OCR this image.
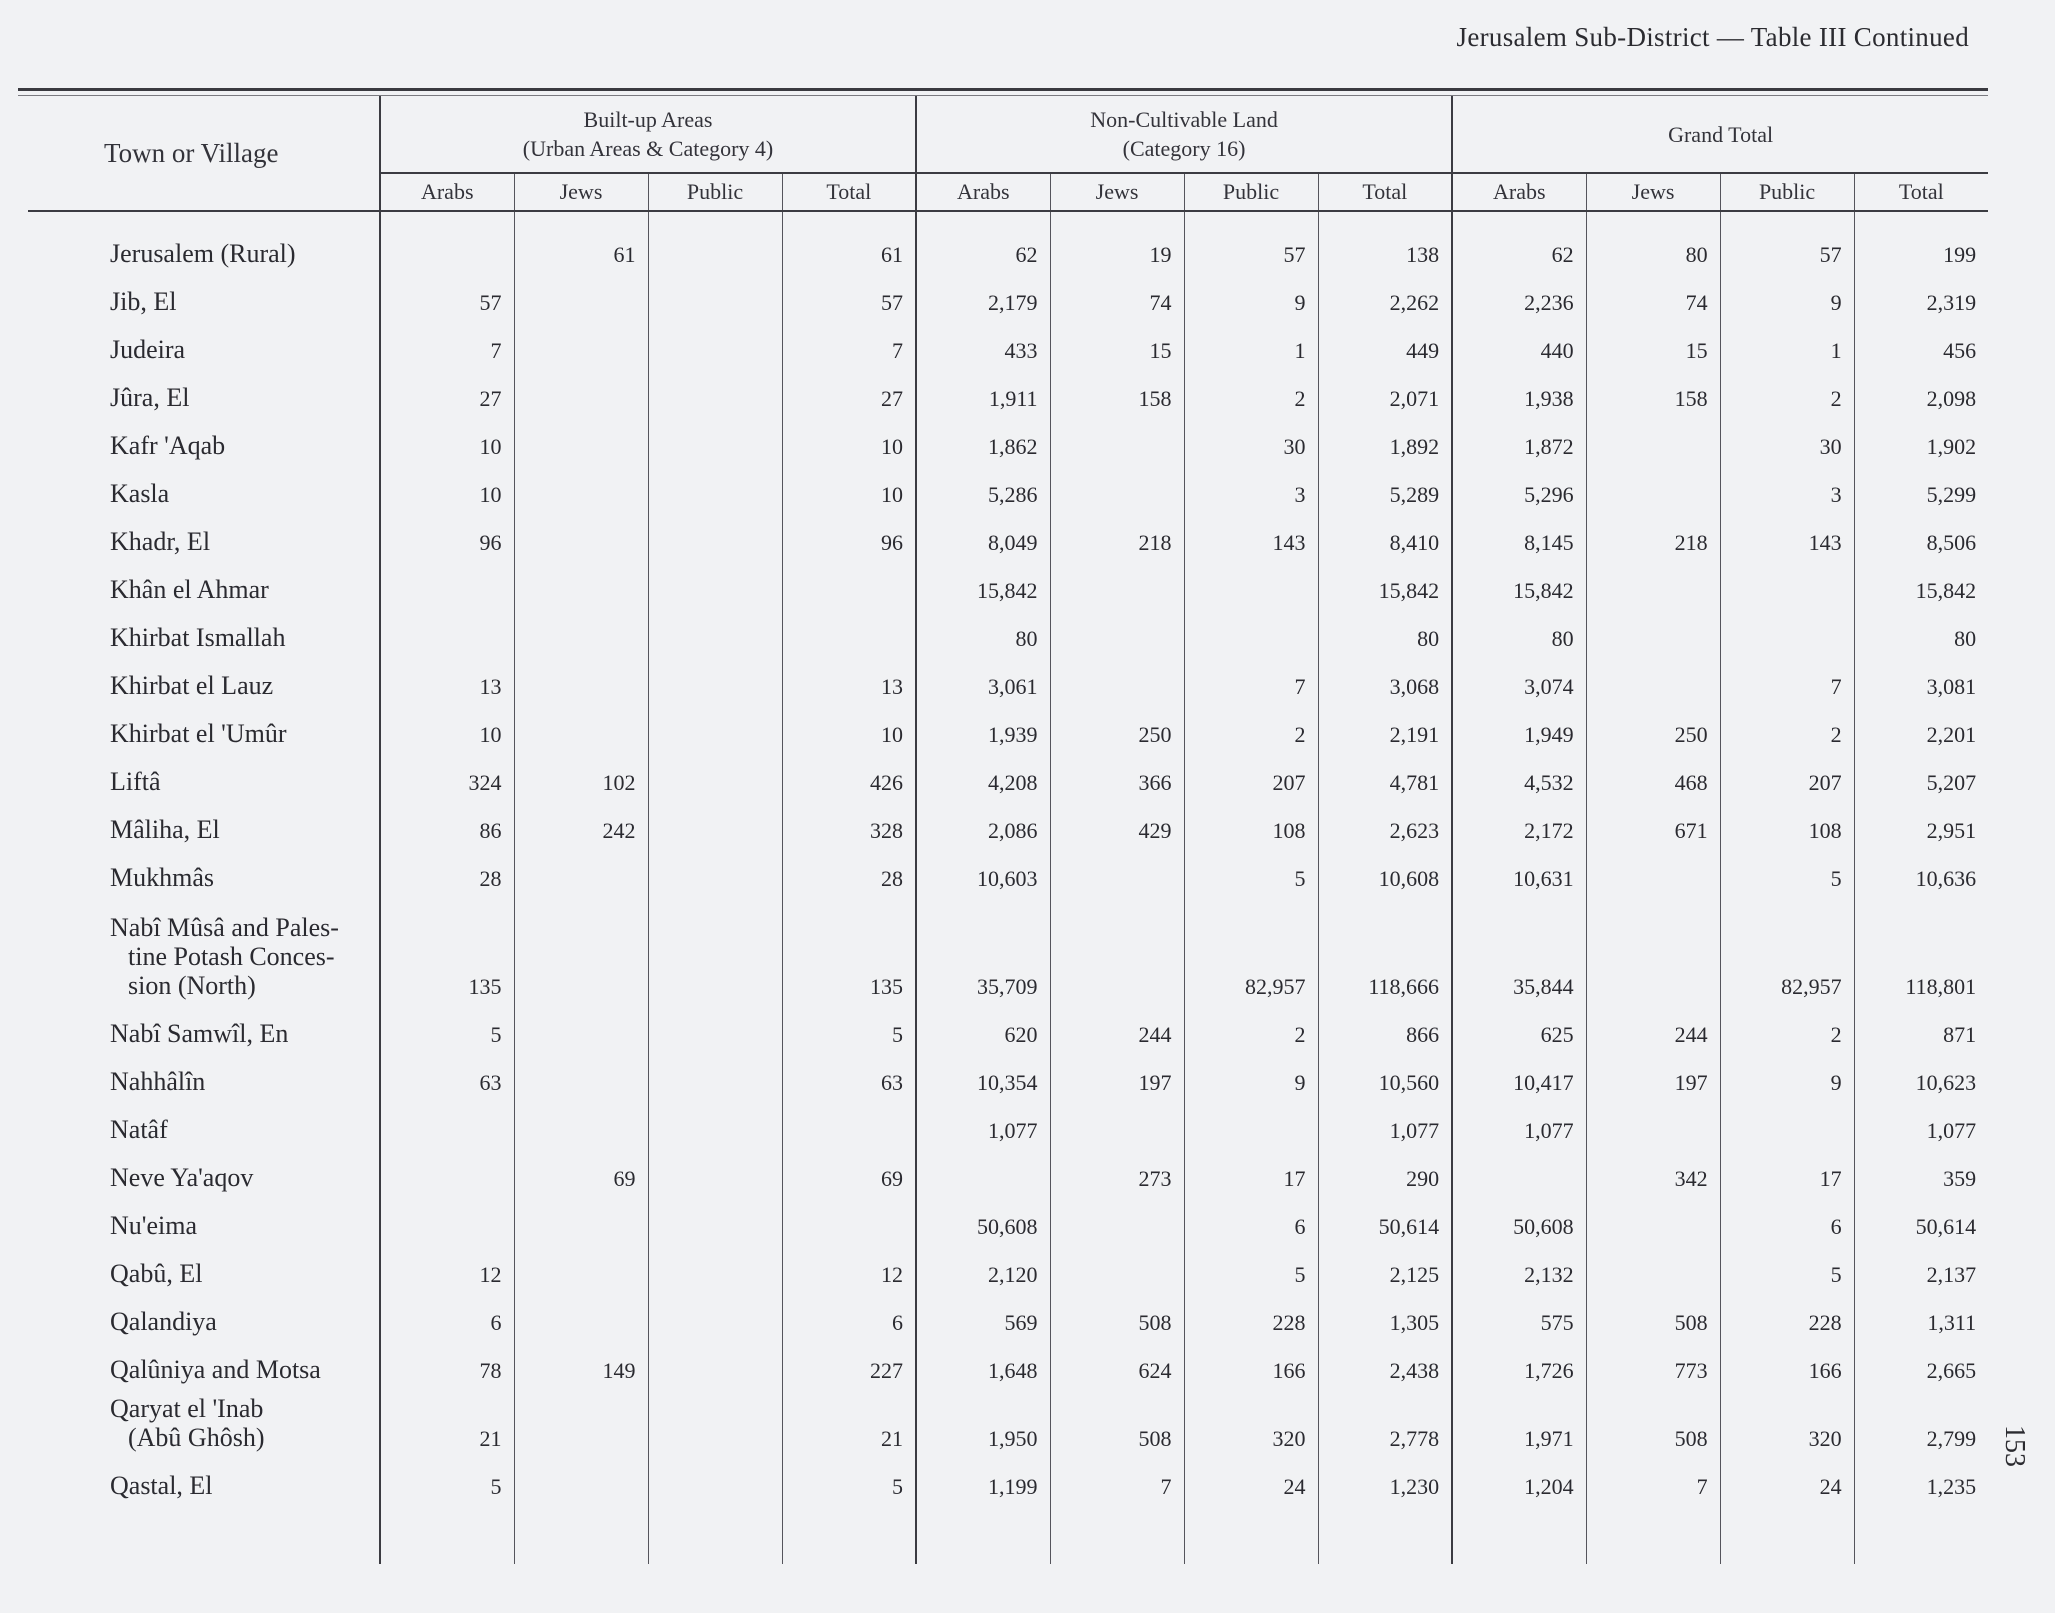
Jerusalem Sub-District — Table III Continued
153
Town or Village	Built-up Areas
(Urban Areas & Category 4)				Non-Cultivable Land
(Category 16)				Grand Total			

	Arabs	Jews	Public	Total	Arabs	Jews	Public	Total	Arabs	Jews	Public	Total

Jerusalem (Rural)		61		61	62	19	57	138	62	80	57	199

Jib, El	57			57	2,179	74	9	2,262	2,236	74	9	2,319

Judeira	7			7	433	15	1	449	440	15	1	456

Jûra, El	27			27	1,911	158	2	2,071	1,938	158	2	2,098

Kafr 'Aqab	10			10	1,862		30	1,892	1,872		30	1,902

Kasla	10			10	5,286		3	5,289	5,296		3	5,299

Khadr, El	96			96	8,049	218	143	8,410	8,145	218	143	8,506

Khân el Ahmar					15,842			15,842	15,842			15,842

Khirbat Ismallah					80			80	80			80

Khirbat el Lauz	13			13	3,061		7	3,068	3,074		7	3,081

Khirbat el 'Umûr	10			10	1,939	250	2	2,191	1,949	250	2	2,201

Liftâ	324	102		426	4,208	366	207	4,781	4,532	468	207	5,207

Mâliha, El	86	242		328	2,086	429	108	2,623	2,172	671	108	2,951

Mukhmâs	28			28	10,603		5	10,608	10,631		5	10,636

Nabî Mûsâ and Pales-
tine Potash Conces-
sion (North)	135			135	35,709		82,957	118,666	35,844		82,957	118,801

Nabî Samwîl, En	5			5	620	244	2	866	625	244	2	871

Nahhâlîn	63			63	10,354	197	9	10,560	10,417	197	9	10,623

Natâf					1,077			1,077	1,077			1,077

Neve Ya'aqov		69		69		273	17	290		342	17	359

Nu'eima					50,608		6	50,614	50,608		6	50,614

Qabû, El	12			12	2,120		5	2,125	2,132		5	2,137

Qalandiya	6			6	569	508	228	1,305	575	508	228	1,311

Qalûniya and Motsa	78	149		227	1,648	624	166	2,438	1,726	773	166	2,665

Qaryat el 'Inab
(Abû Ghôsh)	21			21	1,950	508	320	2,778	1,971	508	320	2,799

Qastal, El	5			5	1,199	7	24	1,230	1,204	7	24	1,235
